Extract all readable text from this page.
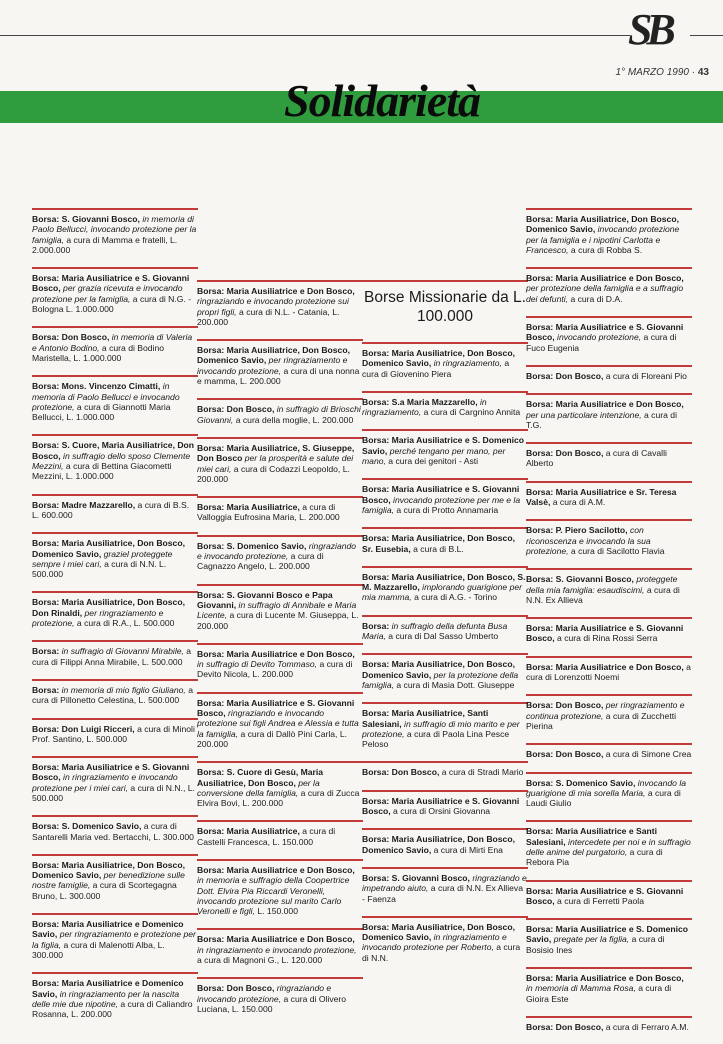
SB
1° MARZO 1990 · 43
Solidarietà
Borsa: S. Giovanni Bosco, in memoria di Paolo Bellucci, invocando protezione per la famiglia, a cura di Mamma e fratelli, L. 2.000.000
Borsa: Maria Ausiliatrice e S. Giovanni Bosco, per grazia ricevuta e invocando protezione per la famiglia, a cura di N.G. - Bologna L. 1.000.000
Borsa: Don Bosco, in memoria di Valeria e Antonio Bodino, a cura di Bodino Maristella, L. 1.000.000
Borsa: Mons. Vincenzo Cimatti, in memoria di Paolo Bellucci e invocando protezione, a cura di Giannotti Maria Bellucci, L. 1.000.000
Borsa: S. Cuore, Maria Ausiliatrice, Don Bosco, in suffragio dello sposo Clemente Mezzini, a cura di Bettina Giacometti Mezzini, L. 1.000.000
Borsa: Madre Mazzarello, a cura di B.S. L. 600.000
Borsa: Maria Ausiliatrice, Don Bosco, Domenico Savio, graziel proteggete sempre i miei cari, a cura di N.N. L. 500.000
Borsa: Maria Ausiliatrice, Don Bosco, Don Rinaldi, per ringraziamento e protezione, a cura di R.A., L. 500.000
Borsa: in suffragio di Giovanni Mirabile, a cura di Filippi Anna Mirabile, L. 500.000
Borsa: in memoria di mio figlio Giuliano, a cura di Pillonetto Celestina, L. 500.000
Borsa: Don Luigi Ricceri, a cura di Minoli Prof. Santino, L. 500.000
Borsa: Maria Ausiliatrice e S. Giovanni Bosco, in ringraziamento e invocando protezione per i miei cari, a cura di N.N., L. 500.000
Borsa: S. Domenico Savio, a cura di Santarelli Maria ved. Bertacchi, L. 300.000
Borsa: Maria Ausiliatrice, Don Bosco, Domenico Savio, per benedizione sulle nostre famiglie, a cura di Scortegagna Bruno, L. 300.000
Borsa: Maria Ausiliatrice e Domenico Savio, per ringraziamento e protezione per la figlia, a cura di Malenotti Alba, L. 300.000
Borsa: Maria Ausiliatrice e Domenico Savio, in ringraziamento per la nascita delle mie due nipotine, a cura di Caliandro Rosanna, L. 200.000
Borsa: Maria Ausiliatrice e Don Bosco, ringraziando e invocando protezione sui propri figli, a cura di N.L. - Catania, L. 200.000
Borsa: Maria Ausiliatrice, Don Bosco, Domenico Savio, per ringraziamento e invocando protezione, a cura di una nonna e mamma, L. 200.000
Borsa: Don Bosco, in suffragio di Brioschi Giovanni, a cura della moglie, L. 200.000
Borsa: Maria Ausiliatrice, S. Giuseppe, Don Bosco per la prosperità e salute dei miei cari, a cura di Codazzi Leopoldo, L. 200.000
Borsa: Maria Ausiliatrice, a cura di Valloggia Eufrosina Maria, L. 200.000
Borsa: S. Domenico Savio, ringraziando e invocando protezione, a cura di Cagnazzo Angelo, L. 200.000
Borsa: S. Giovanni Bosco e Papa Giovanni, in suffragio di Annibale e Maria Licente, a cura di Lucente M. Giuseppa, L. 200.000
Borsa: Maria Ausiliatrice e Don Bosco, in suffragio di Devito Tommaso, a cura di Devito Nicola, L. 200.000
Borsa: Maria Ausiliatrice e S. Giovanni Bosco, ringraziando e invocando protezione sui figli Andrea e Alessia e tutta la famiglia, a cura di Dallò Pini Carla, L. 200.000
Borsa: S. Cuore di Gesù, Maria Ausiliatrice, Don Bosco, per la conversione della famiglia, a cura di Zucca Elvira Bovi, L. 200.000
Borsa: Maria Ausiliatrice, a cura di Castelli Francesca, L. 150.000
Borsa: Maria Ausiliatrice e Don Bosco, in memoria e suffragio della Coopertrice Dott. Elvira Pia Riccardi Veronelli, invocando protezione sul marito Carlo Veronelli e figli, L. 150.000
Borsa: Maria Ausiliatrice e Don Bosco, in ringraziamento e invocando protezione, a cura di Magnoni G., L. 120.000
Borsa: Don Bosco, ringraziando e invocando protezione, a cura di Olivero Luciana, L. 150.000
Borse Missionarie da L. 100.000
Borsa: Maria Ausiliatrice, Don Bosco, Domenico Savio, in ringraziamento, a cura di Giovenino Piera
Borsa: S.a Maria Mazzarello, in ringraziamento, a cura di Cargnino Annita
Borsa: Maria Ausiliatrice e S. Domenico Savio, perché tengano per mano, per mano, a cura dei genitori - Asti
Borsa: Maria Ausiliatrice e S. Giovanni Bosco, invocando protezione per me e la famiglia, a cura di Protto Annamaria
Borsa: Maria Ausiliatrice, Don Bosco, Sr. Eusebia, a cura di B.L.
Borsa: Maria Ausiliatrice, Don Bosco, S. M. Mazzarello, implorando guarigione per mia mamma, a cura di A.G. - Torino
Borsa: in suffragio della defunta Busa Maria, a cura di Dal Sasso Umberto
Borsa: Maria Ausiliatrice, Don Bosco, Domenico Savio, per la protezione della famiglia, a cura di Masia Dott. Giuseppe
Borsa: Maria Ausiliatrice, Santi Salesiani, in suffragio di mio marito e per protezione, a cura di Paola Lina Pesce Peloso
Borsa: Don Bosco, a cura di Stradi Mario
Borsa: Maria Ausiliatrice e S. Giovanni Bosco, a cura di Orsini Giovanna
Borsa: Maria Ausiliatrice, Don Bosco, Domenico Savio, a cura di Mirti Ena
Borsa: S. Giovanni Bosco, ringraziando e impetrando aiuto, a cura di N.N. Ex Allieva - Faenza
Borsa: Maria Ausiliatrice, Don Bosco, Domenico Savio, in ringraziamento e invocando protezione per Roberto, a cura di N.N.
Borsa: Maria Ausiliatrice, Don Bosco, Domenico Savio, invocando protezione per la famiglia e i nipotini Carlotta e Francesco, a cura di Robba S.
Borsa: Maria Ausiliatrice e Don Bosco, per protezione della famiglia e a suffragio dei defunti, a cura di D.A.
Borsa: Maria Ausiliatrice e S. Giovanni Bosco, invocando protezione, a cura di Fuco Eugenia
Borsa: Don Bosco, a cura di Floreani Pio
Borsa: Maria Ausiliatrice e Don Bosco, per una particolare intenzione, a cura di T.G.
Borsa: Don Bosco, a cura di Cavalli Alberto
Borsa: Maria Ausiliatrice e Sr. Teresa Valsè, a cura di A.M.
Borsa: P. Piero Sacilotto, con riconoscenza e invocando la sua protezione, a cura di Sacilotto Flavia
Borsa: S. Giovanni Bosco, proteggete della mia famiglia: esaudiscimi, a cura di N.N. Ex Allieva
Borsa: Maria Ausiliatrice e S. Giovanni Bosco, a cura di Rina Rossi Serra
Borsa: Maria Ausiliatrice e Don Bosco, a cura di Lorenzotti Noemi
Borsa: Don Bosco, per ringraziamento e continua protezione, a cura di Zucchetti Pierina
Borsa: Don Bosco, a cura di Simone Crea
Borsa: S. Domenico Savio, invocando la guarigione di mia sorella Maria, a cura di Laudi Giulio
Borsa: Maria Ausiliatrice e Santi Salesiani, intercedete per noi e in suffragio delle anime del purgatorio, a cura di Rebora Pia
Borsa: Maria Ausiliatrice e S. Giovanni Bosco, a cura di Ferretti Paola
Borsa: Maria Ausiliatrice e S. Domenico Savio, pregate per la figlia, a cura di Bosisio Ines
Borsa: Maria Ausiliatrice e Don Bosco, in memoria di Mamma Rosa, a cura di Gioira Este
Borsa: Don Bosco, a cura di Ferraro A.M.
